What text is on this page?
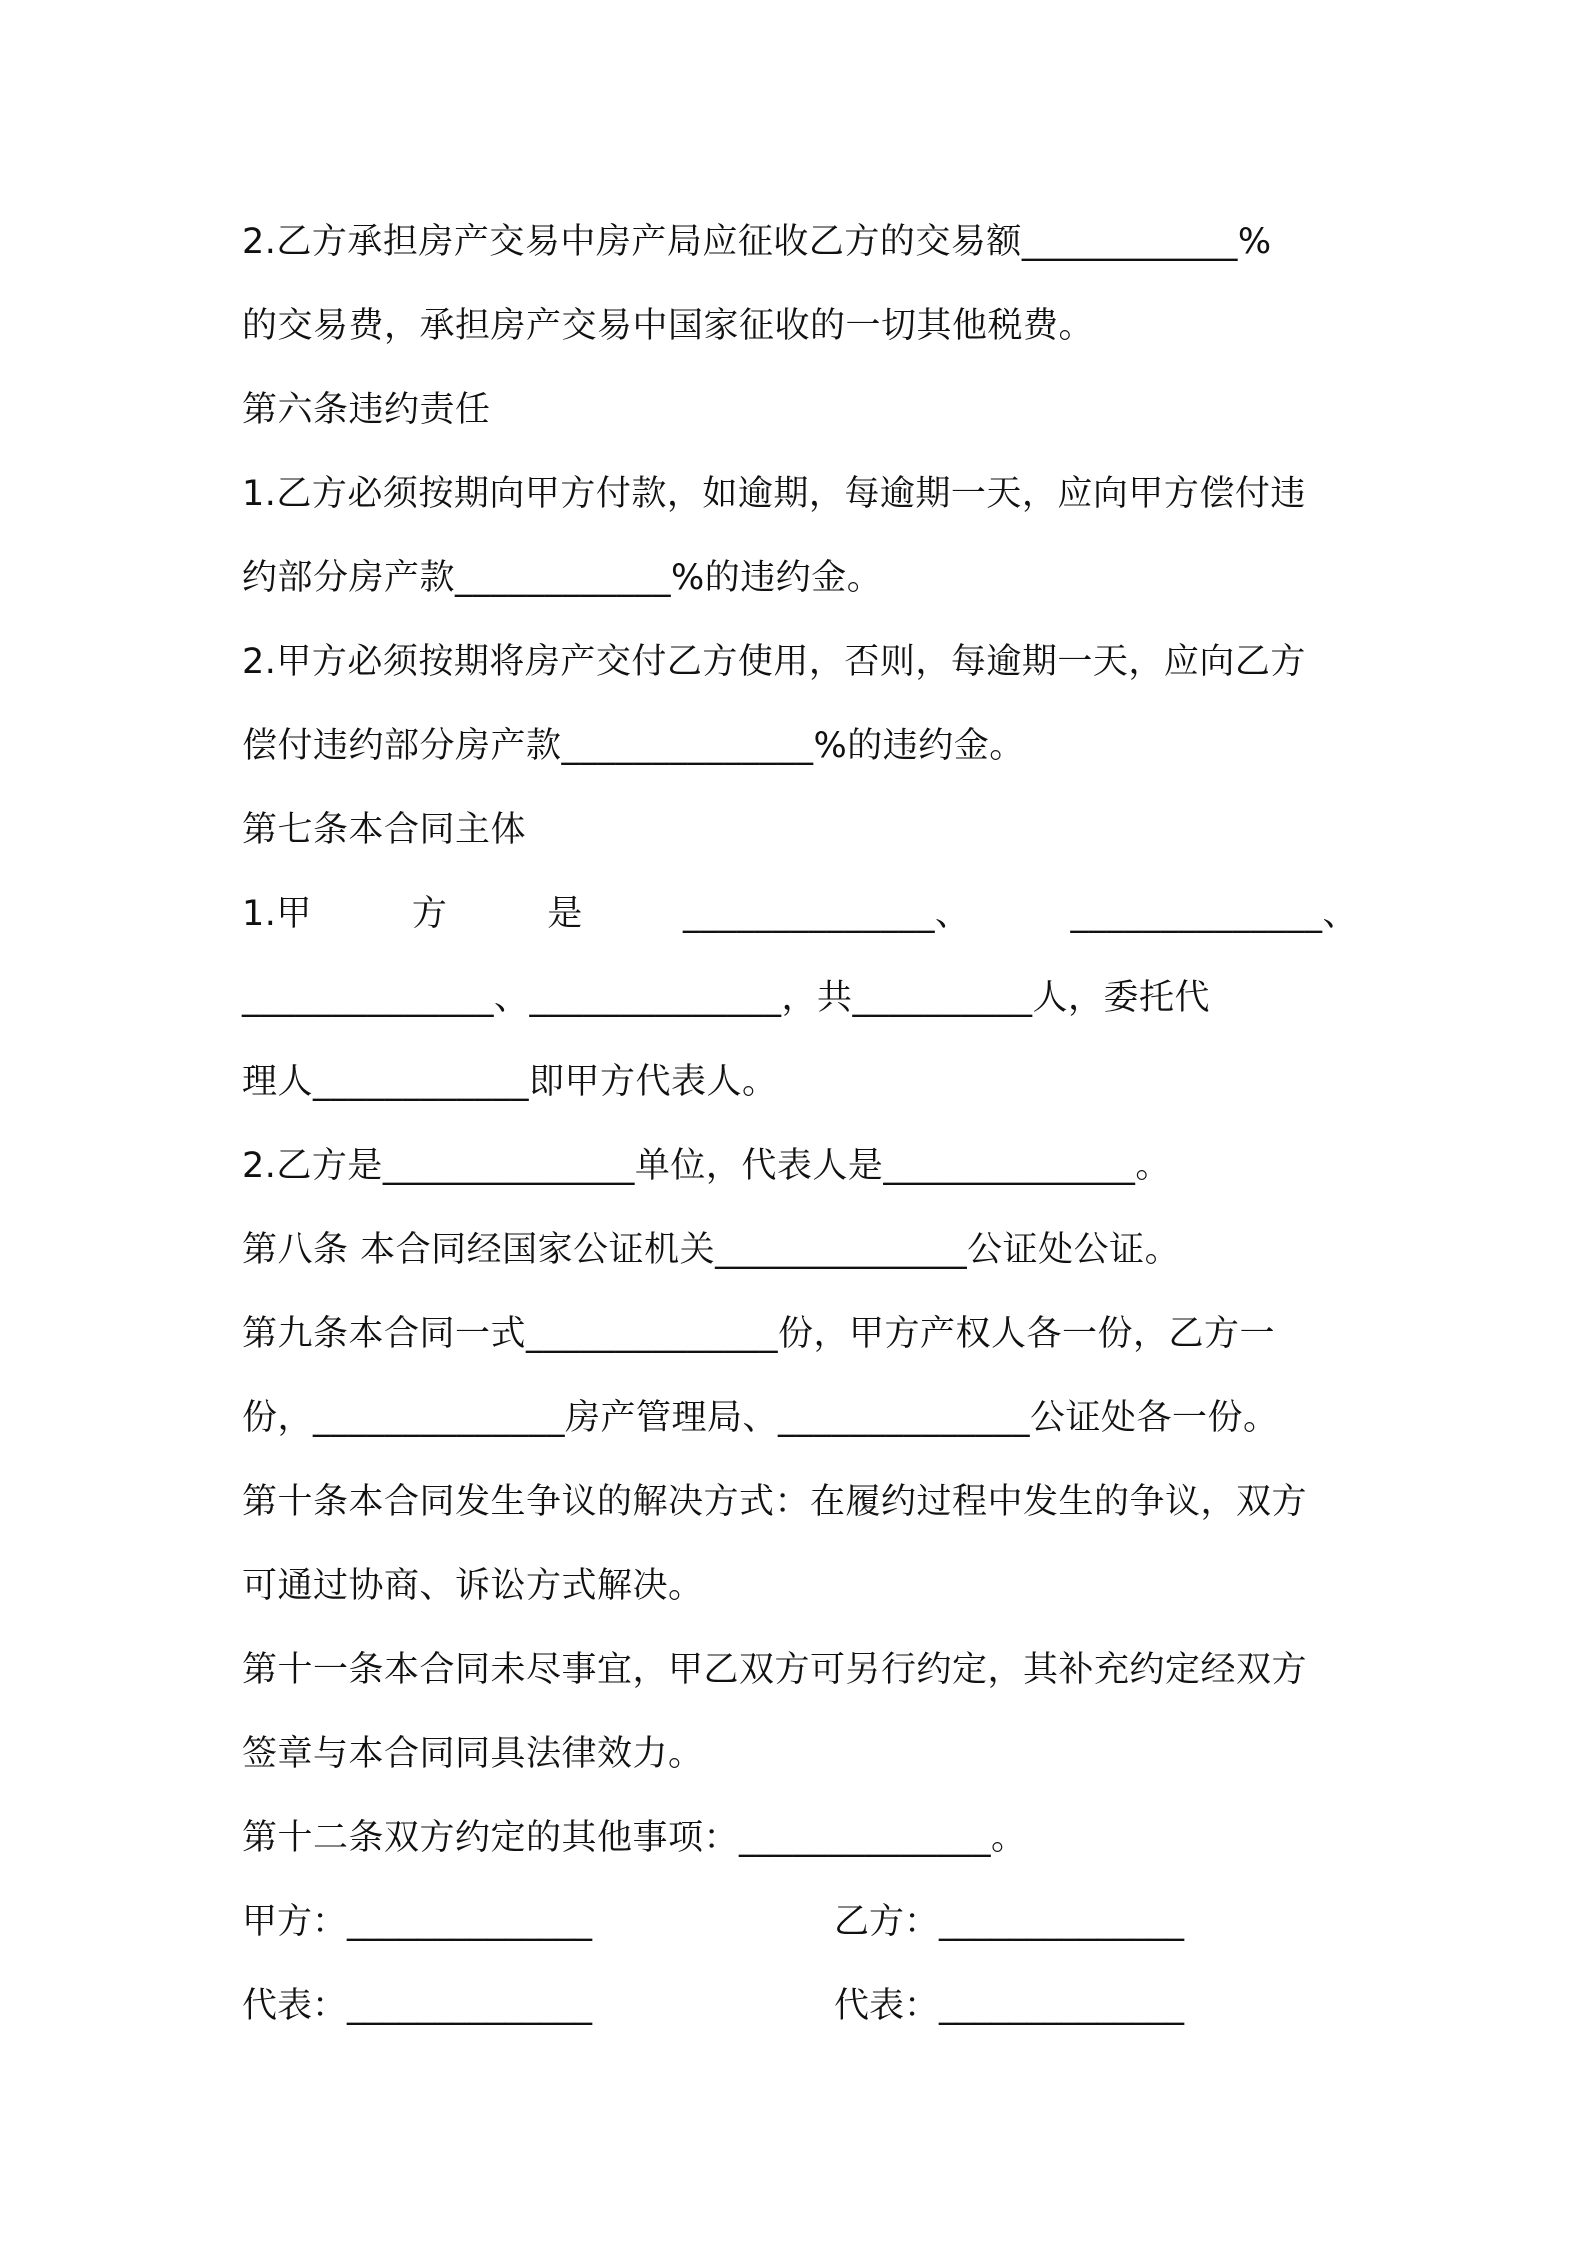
2.乙方承担房产交易中房产局应征收乙方的交易额____________%
的交易费，承担房产交易中国家征收的一切其他税费。
第六条违约责任
1.乙方必须按期向甲方付款，如逾期，每逾期一天，应向甲方偿付违
约部分房产款____________%的违约金。
2.甲方必须按期将房产交付乙方使用，否则，每逾期一天，应向乙方
偿付违约部分房产款______________%的违约金。
第七条本合同主体
1.甲	方	是	______________、	______________、
______________、______________，共__________人，委托代
理人____________即甲方代表人。
2.乙方是______________单位，代表人是______________。
第八条 本合同经国家公证机关______________公证处公证。
第九条本合同一式______________份，甲方产权人各一份，乙方一
份，______________房产管理局、______________公证处各一份。
第十条本合同发生争议的解决方式：在履约过程中发生的争议，双方
可通过协商、诉讼方式解决。
第十一条本合同未尽事宜，甲乙双方可另行约定，其补充约定经双方
签章与本合同同具法律效力。
第十二条双方约定的其他事项：______________。
甲方：______________	乙方：______________
代表：______________	代表：______________
